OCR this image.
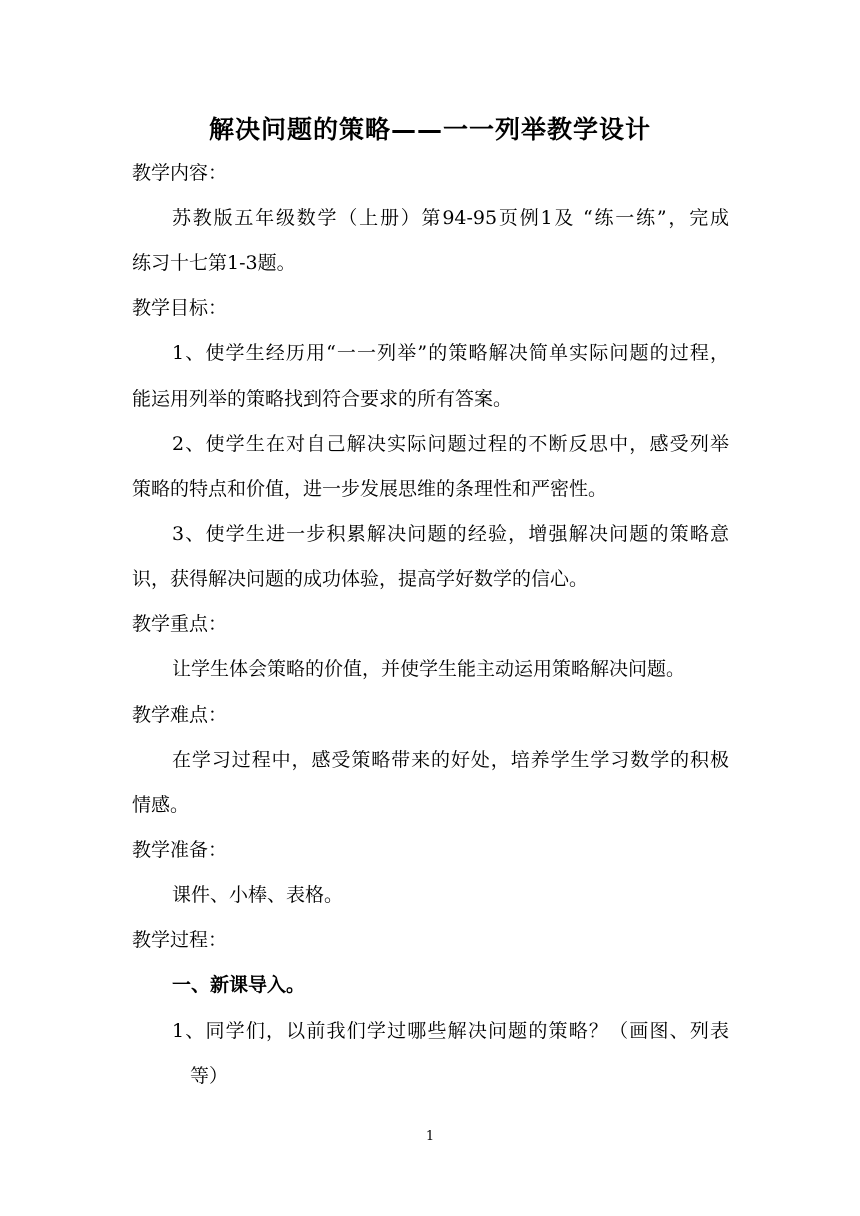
解决问题的策略——一一列举教学设计
教学内容：
苏教版五年级数学（上册）第94-95页例1及 “练一练”，完成
练习十七第1-3题。
教学目标：
1、使学生经历用“一一列举”的策略解决简单实际问题的过程，
能运用列举的策略找到符合要求的所有答案。
2、使学生在对自己解决实际问题过程的不断反思中，感受列举
策略的特点和价值，进一步发展思维的条理性和严密性。
3、使学生进一步积累解决问题的经验，增强解决问题的策略意
识，获得解决问题的成功体验，提高学好数学的信心。
教学重点：
让学生体会策略的价值，并使学生能主动运用策略解决问题。
教学难点：
在学习过程中，感受策略带来的好处，培养学生学习数学的积极
情感。
教学准备：
课件、小棒、表格。
教学过程：
一、新课导入。
1、同学们，以前我们学过哪些解决问题的策略？（画图、列表
等）
1
